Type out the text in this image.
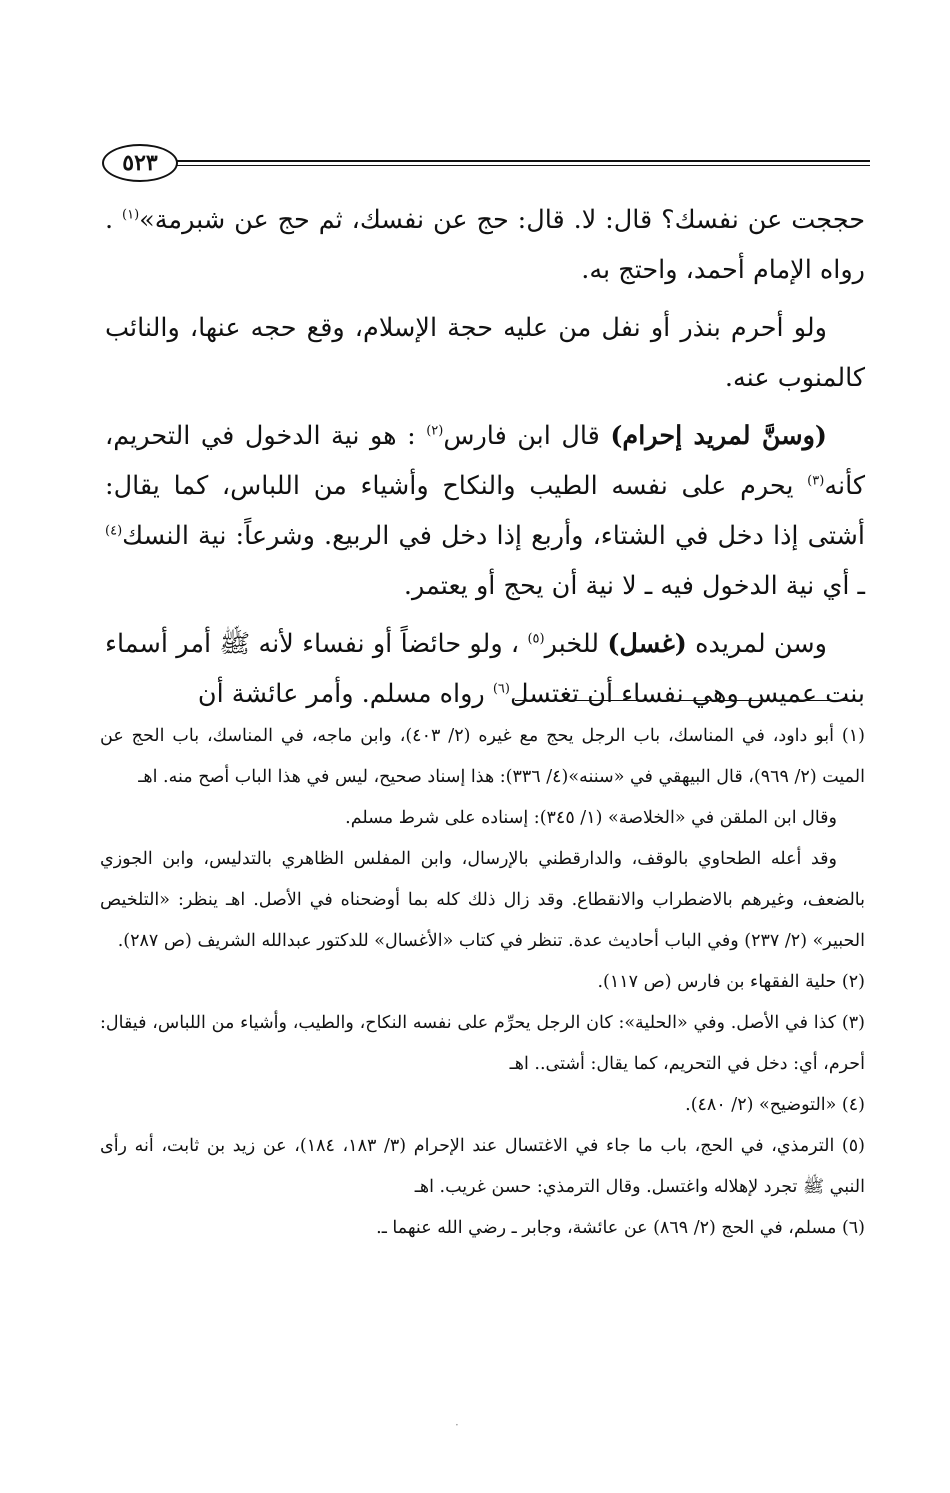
٥٢٣

حججت عن نفسك؟ قال: لا. قال: حج عن نفسك، ثم حج عن شبرمة»$^{(١)}$ . رواه الإمام أحمد، واحتج به.

ولو أحرم بنذر أو نفل من عليه حجة الإسلام، وقع حجه عنها، والنائب كالمنوب عنه.

(وسنَّ لمريد إحرام) قال ابن فارس$^{(٢)}$ : هو نية الدخول في التحريم، كأنه$^{(٣)}$ يحرم على نفسه الطيب والنكاح وأشياء من اللباس، كما يقال: أشتى إذا دخل في الشتاء، وأربع إذا دخل في الربيع. وشرعاً: نية النسك$^{(٤)}$ ـ أي نية الدخول فيه ـ لا نية أن يحج أو يعتمر.

وسن لمريده (غسل) للخبر$^{(٥)}$ ، ولو حائضاً أو نفساء لأنه ﷺ أمر أسماء بنت عميس وهي نفساء أن تغتسل$^{(٦)}$ رواه مسلم. وأمر عائشة أن

(١) أبو داود، في المناسك، باب الرجل يحج مع غيره (٢/ ٤٠٣)، وابن ماجه، في المناسك، باب الحج عن الميت (٢/ ٩٦٩)، قال البيهقي في «سننه»(٤/ ٣٣٦): هذا إسناد صحيح، ليس في هذا الباب أصح منه. اهـ

وقال ابن الملقن في «الخلاصة» (١/ ٣٤٥): إسناده على شرط مسلم.

وقد أعله الطحاوي بالوقف، والدارقطني بالإرسال، وابن المفلس الظاهري بالتدليس، وابن الجوزي بالضعف، وغيرهم بالاضطراب والانقطاع. وقد زال ذلك كله بما أوضحناه في الأصل. اهـ ينظر: «التلخيص الحبير» (٢/ ٢٣٧) وفي الباب أحاديث عدة. تنظر في كتاب «الأغسال» للدكتور عبدالله الشريف (ص ٢٨٧).

(٢) حلية الفقهاء بن فارس (ص ١١٧).

(٣) كذا في الأصل. وفي «الحلية»: كان الرجل يحرِّم على نفسه النكاح، والطيب، وأشياء من اللباس، فيقال: أحرم، أي: دخل في التحريم، كما يقال: أشتى.. اهـ

(٤) «التوضيح» (٢/ ٤٨٠).

(٥) الترمذي، في الحج، باب ما جاء في الاغتسال عند الإحرام (٣/ ١٨٣، ١٨٤)، عن زيد بن ثابت، أنه رأى النبي ﷺ تجرد لإهلاله واغتسل. وقال الترمذي: حسن غريب. اهـ

(٦) مسلم، في الحج (٢/ ٨٦٩) عن عائشة، وجابر ـ رضي الله عنهما ـ.

·
